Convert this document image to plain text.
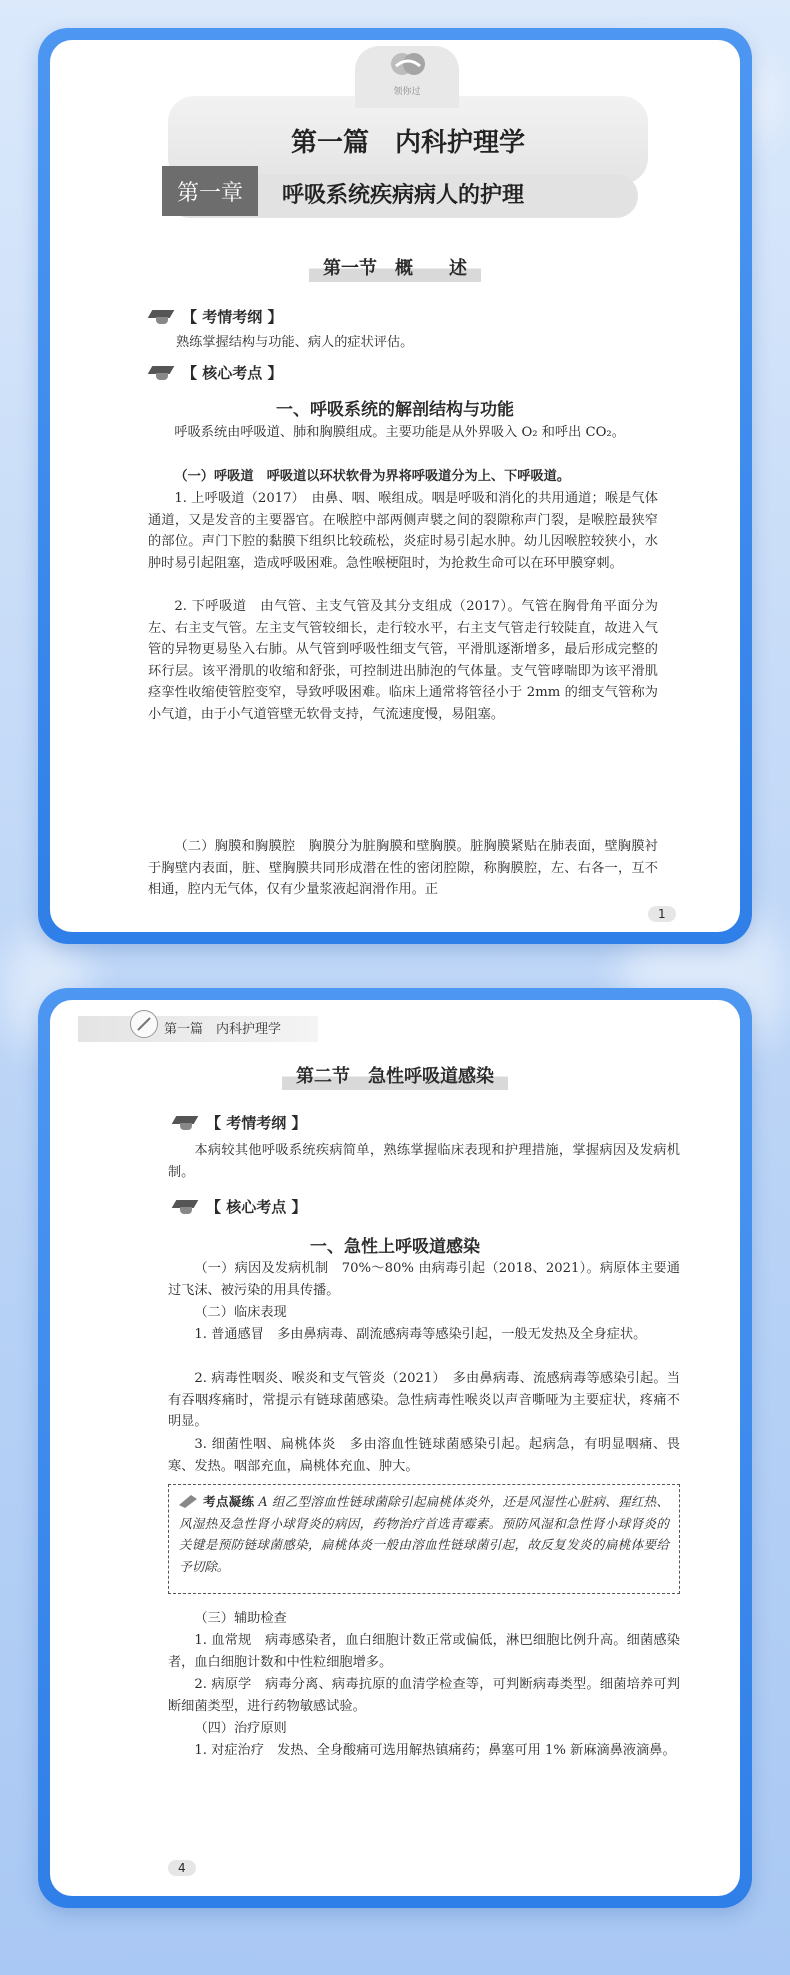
领你过
第一篇　内科护理学
第一章	呼吸系统疾病病人的护理
第一节　概　　述
【 考情考纲 】
熟练掌握结构与功能、病人的症状评估。
【 核心考点 】
一、呼吸系统的解剖结构与功能
呼吸系统由呼吸道、肺和胸膜组成。主要功能是从外界吸入 O₂ 和呼出 CO₂。
（一）呼吸道　呼吸道以环状软骨为界将呼吸道分为上、下呼吸道。
1. 上呼吸道（2017）　由鼻、咽、喉组成。咽是呼吸和消化的共用通道；喉是气体通道，又是发音的主要器官。在喉腔中部两侧声襞之间的裂隙称声门裂，是喉腔最狭窄的部位。声门下腔的黏膜下组织比较疏松，炎症时易引起水肿。幼儿因喉腔较狭小，水肿时易引起阻塞，造成呼吸困难。急性喉梗阻时，为抢救生命可以在环甲膜穿刺。
2. 下呼吸道　由气管、主支气管及其分支组成（2017）。气管在胸骨角平面分为左、右主支气管。左主支气管较细长，走行较水平，右主支气管走行较陡直，故进入气管的异物更易坠入右肺。从气管到呼吸性细支气管，平滑肌逐渐增多，最后形成完整的环行层。该平滑肌的收缩和舒张，可控制进出肺泡的气体量。支气管哮喘即为该平滑肌痉挛性收缩使管腔变窄，导致呼吸困难。临床上通常将管径小于 2mm 的细支气管称为小气道，由于小气道管壁无软骨支持，气流速度慢，易阻塞。
（二）胸膜和胸膜腔　胸膜分为脏胸膜和壁胸膜。脏胸膜紧贴在肺表面，壁胸膜衬于胸壁内表面，脏、壁胸膜共同形成潜在性的密闭腔隙，称胸膜腔，左、右各一，互不相通，腔内无气体，仅有少量浆液起润滑作用。正
1
第一篇　内科护理学
第二节　急性呼吸道感染
【 考情考纲 】
本病较其他呼吸系统疾病简单，熟练掌握临床表现和护理措施，掌握病因及发病机制。
【 核心考点 】
一、急性上呼吸道感染
（一）病因及发病机制　70%～80% 由病毒引起（2018、2021）。病原体主要通过飞沫、被污染的用具传播。
（二）临床表现
1. 普通感冒　多由鼻病毒、副流感病毒等感染引起，一般无发热及全身症状。
2. 病毒性咽炎、喉炎和支气管炎（2021）　多由鼻病毒、流感病毒等感染引起。当有吞咽疼痛时，常提示有链球菌感染。急性病毒性喉炎以声音嘶哑为主要症状，疼痛不明显。
3. 细菌性咽、扁桃体炎　多由溶血性链球菌感染引起。起病急，有明显咽痛、畏寒、发热。咽部充血，扁桃体充血、肿大。
考点凝练 A 组乙型溶血性链球菌除引起扁桃体炎外，还是风湿性心脏病、猩红热、风湿热及急性肾小球肾炎的病因，药物治疗首选青霉素。预防风湿和急性肾小球肾炎的关键是预防链球菌感染，扁桃体炎一般由溶血性链球菌引起，故反复发炎的扁桃体要给予切除。
（三）辅助检查
1. 血常规　病毒感染者，血白细胞计数正常或偏低，淋巴细胞比例升高。细菌感染者，血白细胞计数和中性粒细胞增多。
2. 病原学　病毒分离、病毒抗原的血清学检查等，可判断病毒类型。细菌培养可判断细菌类型，进行药物敏感试验。
（四）治疗原则
1. 对症治疗　发热、全身酸痛可选用解热镇痛药；鼻塞可用 1% 新麻滴鼻液滴鼻。
4
